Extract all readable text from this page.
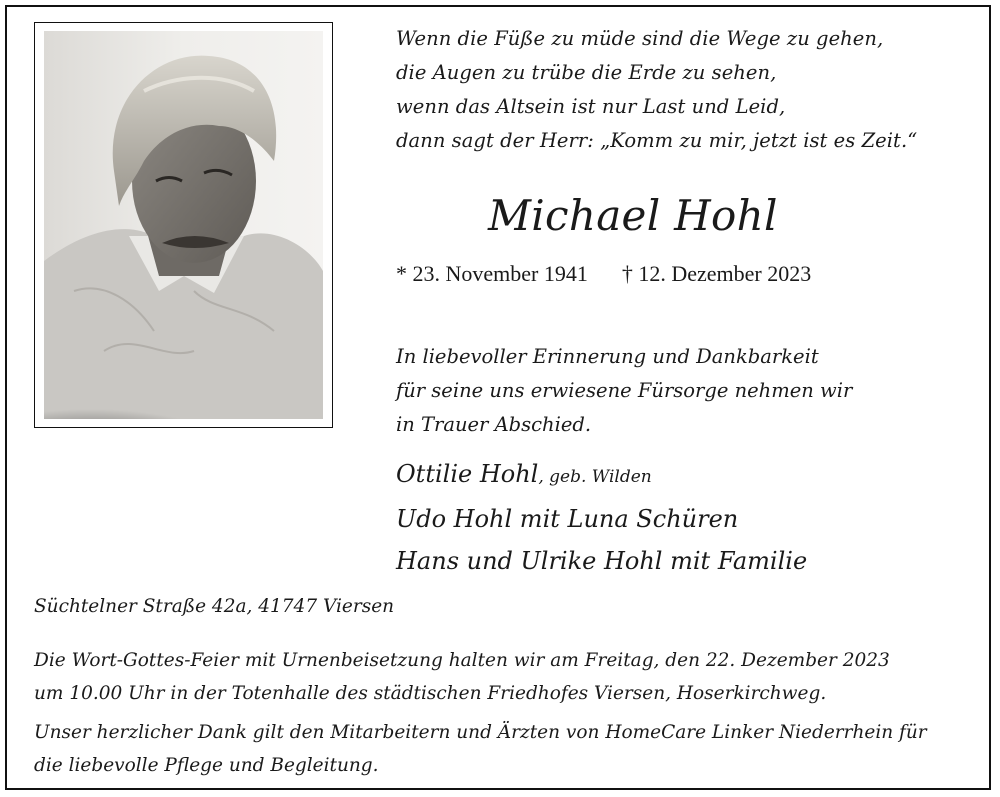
Wenn die Füße zu müde sind die Wege zu gehen,
die Augen zu trübe die Erde zu sehen,
wenn das Altsein ist nur Last und Leid,
dann sagt der Herr: „Komm zu mir, jetzt ist es Zeit.“
Michael Hohl
* 23. November 1941 † 12. Dezember 2023
In liebevoller Erinnerung und Dankbarkeit
für seine uns erwiesene Fürsorge nehmen wir
in Trauer Abschied.
Ottilie Hohl, geb. Wilden
Udo Hohl mit Luna Schüren
Hans und Ulrike Hohl mit Familie
Süchtelner Straße 42a, 41747 Viersen
Die Wort-Gottes-Feier mit Urnenbeisetzung halten wir am Freitag, den 22. Dezember 2023
um 10.00 Uhr in der Totenhalle des städtischen Friedhofes Viersen, Hoserkirchweg.
Unser herzlicher Dank gilt den Mitarbeitern und Ärzten von HomeCare Linker Niederrhein für
die liebevolle Pflege und Begleitung.
